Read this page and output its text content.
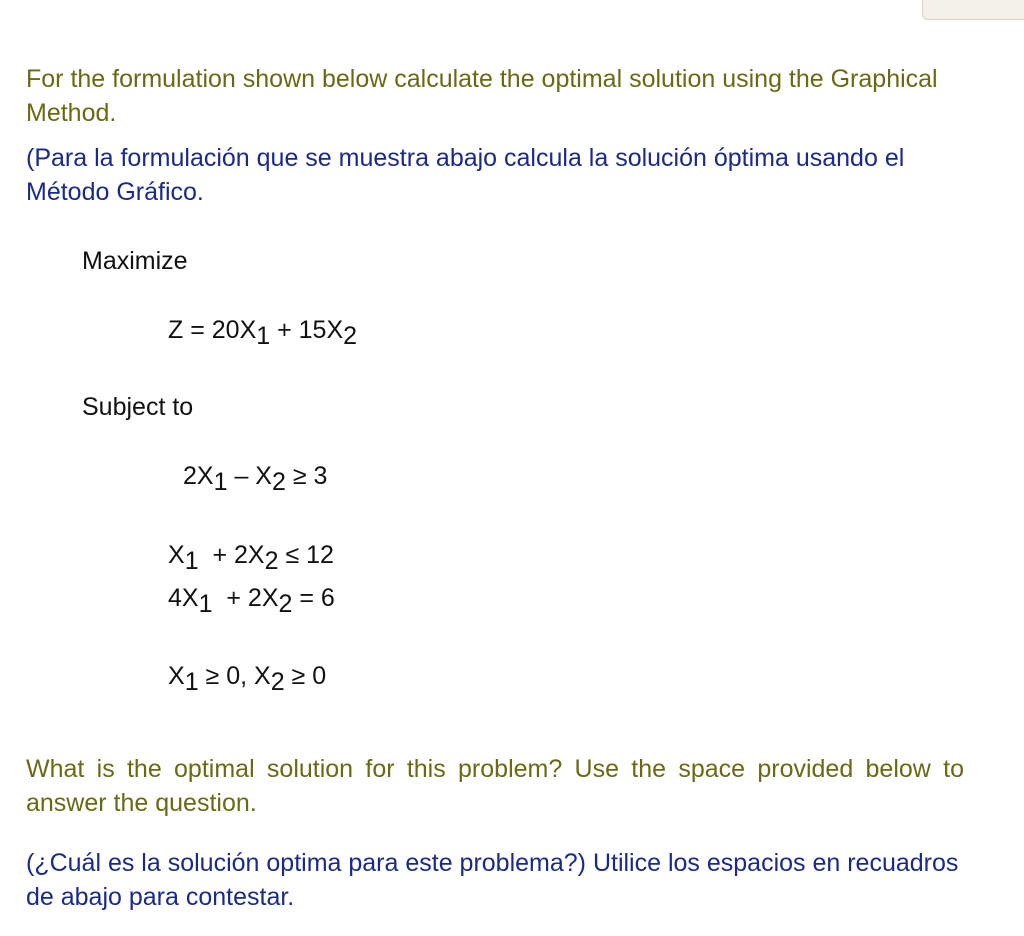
For the formulation shown below calculate the optimal solution using the Graphical Method.

(Para la formulación que se muestra abajo calcula la solución óptima usando el Método Gráfico.

Maximize

$Z = 20X_1 + 15X_2$

Subject to

$2X_1 - X_2 \ge 3$
$X_1 + 2X_2 \le 12$
$4X_1 + 2X_2 = 6$
$X_1 \ge 0$, $X_2 \ge 0$

What is the optimal solution for this problem? Use the space provided below to answer the question.

(¿Cuál es la solución optima para este problema?) Utilice los espacios en recuadros de abajo para contestar.
